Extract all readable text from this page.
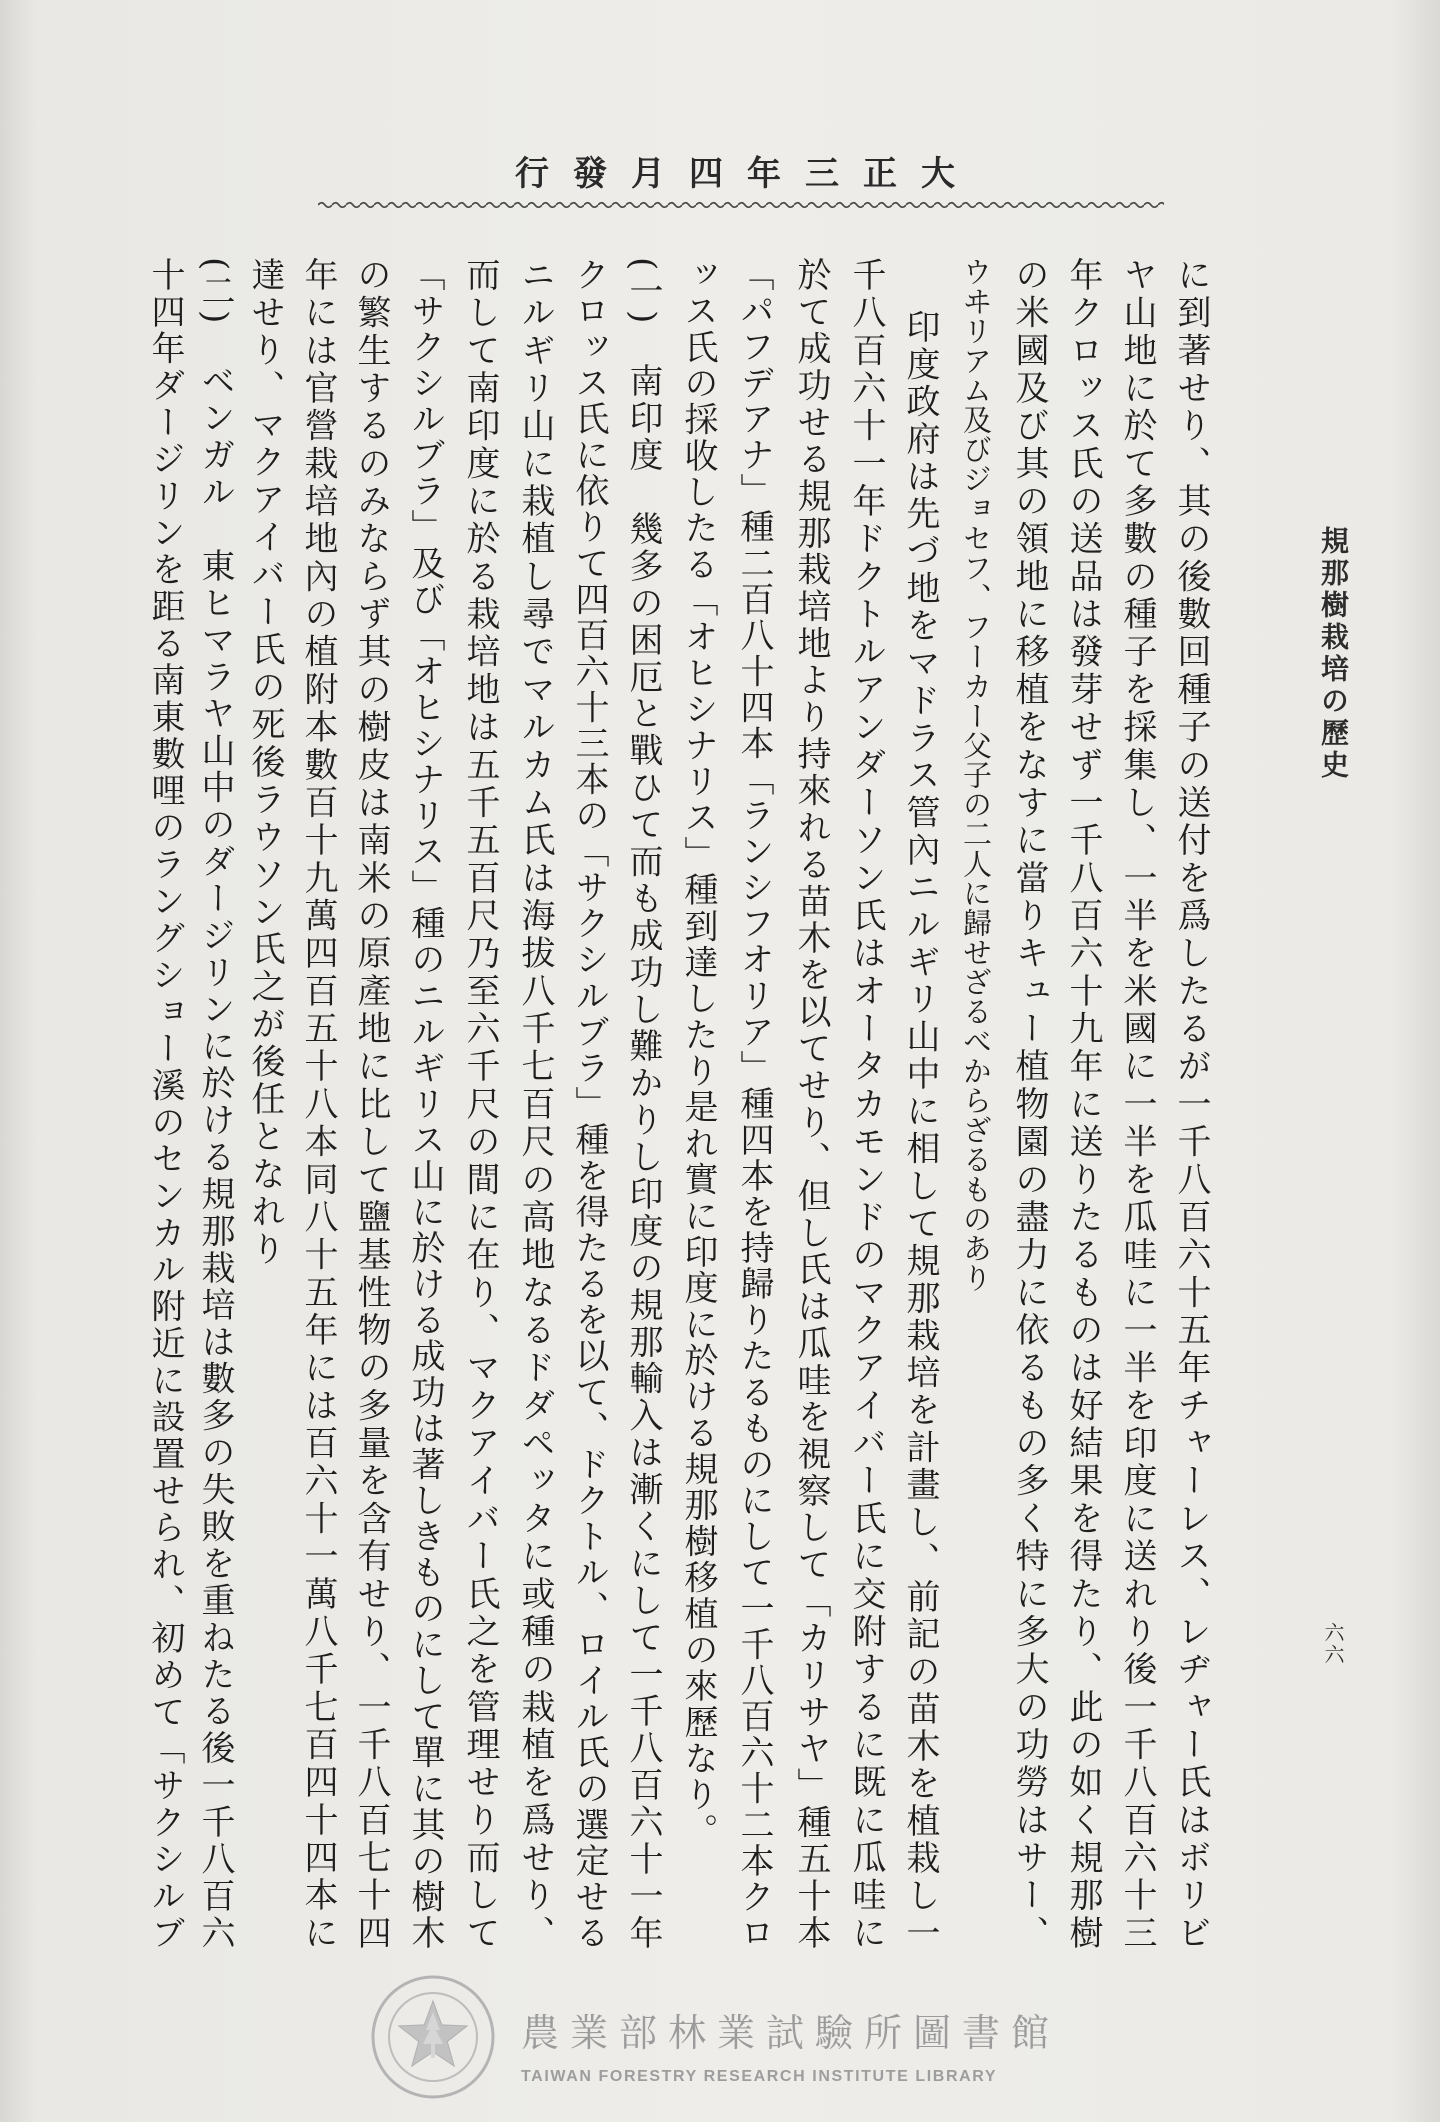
大正三年四月發行
規那樹栽培の歷史
六六
に到著せり、其の後數回種子の送付を爲したるが一千八百六十五年チャーレス、レヂャー氏はボリビ
ヤ山地に於て多數の種子を採集し、一半を米國に一半を瓜哇に一半を印度に送れり後一千八百六十三
年クロッス氏の送品は發芽せず一千八百六十九年に送りたるものは好結果を得たり、此の如く規那樹
の米國及び其の領地に移植をなすに當りキュー植物園の盡力に依るもの多く特に多大の功勞はサー、
ウヰリアム及びジョセフ、フーカー父子の二人に歸せざるべからざるものあり
印度政府は先づ地をマドラス管內ニルギリ山中に相して規那栽培を計畫し、前記の苗木を植栽し一
千八百六十一年ドクトルアンダーソン氏はオータカモンドのマクアイバー氏に交附するに既に瓜哇に
於て成功せる規那栽培地より持來れる苗木を以てせり、但し氏は瓜哇を視察して「カリサヤ」種五十本
「パフデアナ」種二百八十四本「ランシフオリア」種四本を持歸りたるものにして一千八百六十二本クロ
ッス氏の採收したる「オヒシナリス」種到達したり是れ實に印度に於ける規那樹移植の來歷なり。
(一)　南印度　幾多の困厄と戰ひて而も成功し難かりし印度の規那輸入は漸くにして一千八百六十一年
クロッス氏に依りて四百六十三本の「サクシルブラ」種を得たるを以て、ドクトル、ロイル氏の選定せる
ニルギリ山に栽植し尋でマルカム氏は海拔八千七百尺の高地なるドダペッタに或種の栽植を爲せり、
而して南印度に於る栽培地は五千五百尺乃至六千尺の間に在り、マクアイバー氏之を管理せり而して
「サクシルブラ」及び「オヒシナリス」種のニルギリス山に於ける成功は著しきものにして單に其の樹木
の繁生するのみならず其の樹皮は南米の原產地に比して鹽基性物の多量を含有せり、一千八百七十四
年には官營栽培地內の植附本數百十九萬四百五十八本同八十五年には百六十一萬八千七百四十四本に
達せり、マクアイバー氏の死後ラウソン氏之が後任となれり
(二)　ベンガル　東ヒマラヤ山中のダージリンに於ける規那栽培は數多の失敗を重ねたる後一千八百六
十四年ダージリンを距る南東數哩のラングショー溪のセンカル附近に設置せられ、初めて「サクシルブ
農業部林業試驗所圖書館
TAIWAN FORESTRY RESEARCH INSTITUTE LIBRARY
